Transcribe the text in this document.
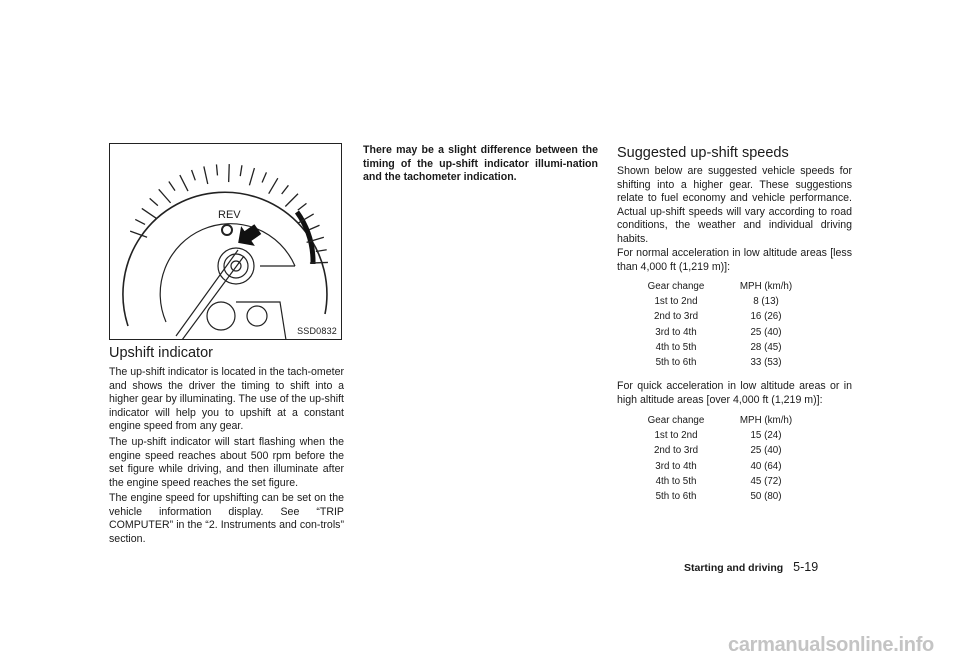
REV
SSD0832
Upshift indicator

The up-shift indicator is located in the tach-ometer and shows the driver the timing to shift into a higher gear by illuminating. The use of the up-shift indicator will help you to upshift at a constant engine speed from any gear.

The up-shift indicator will start flashing when the engine speed reaches about 500 rpm before the set figure while driving, and then illuminate after the engine speed reaches the set figure.

The engine speed for upshifting can be set on the vehicle information display. See “TRIP COMPUTER” in the “2. Instruments and con-trols” section.

There may be a slight difference between the timing of the up-shift indicator illumi-nation and the tachometer indication.

Suggested up-shift speeds

Shown below are suggested vehicle speeds for shifting into a higher gear. These suggestions relate to fuel economy and vehicle performance. Actual up-shift speeds will vary according to road conditions, the weather and individual driving habits.

For normal acceleration in low altitude areas [less than 4,000 ft (1,219 m)]:

Gear change	MPH (km/h)
1st to 2nd	8 (13)
2nd to 3rd	16 (26)
3rd to 4th	25 (40)
4th to 5th	28 (45)
5th to 6th	33 (53)

For quick acceleration in low altitude areas or in high altitude areas [over 4,000 ft (1,219 m)]:

Gear change	MPH (km/h)
1st to 2nd	15 (24)
2nd to 3rd	25 (40)
3rd to 4th	40 (64)
4th to 5th	45 (72)
5th to 6th	50 (80)
Starting and driving 5-19
carmanualsonline.info
